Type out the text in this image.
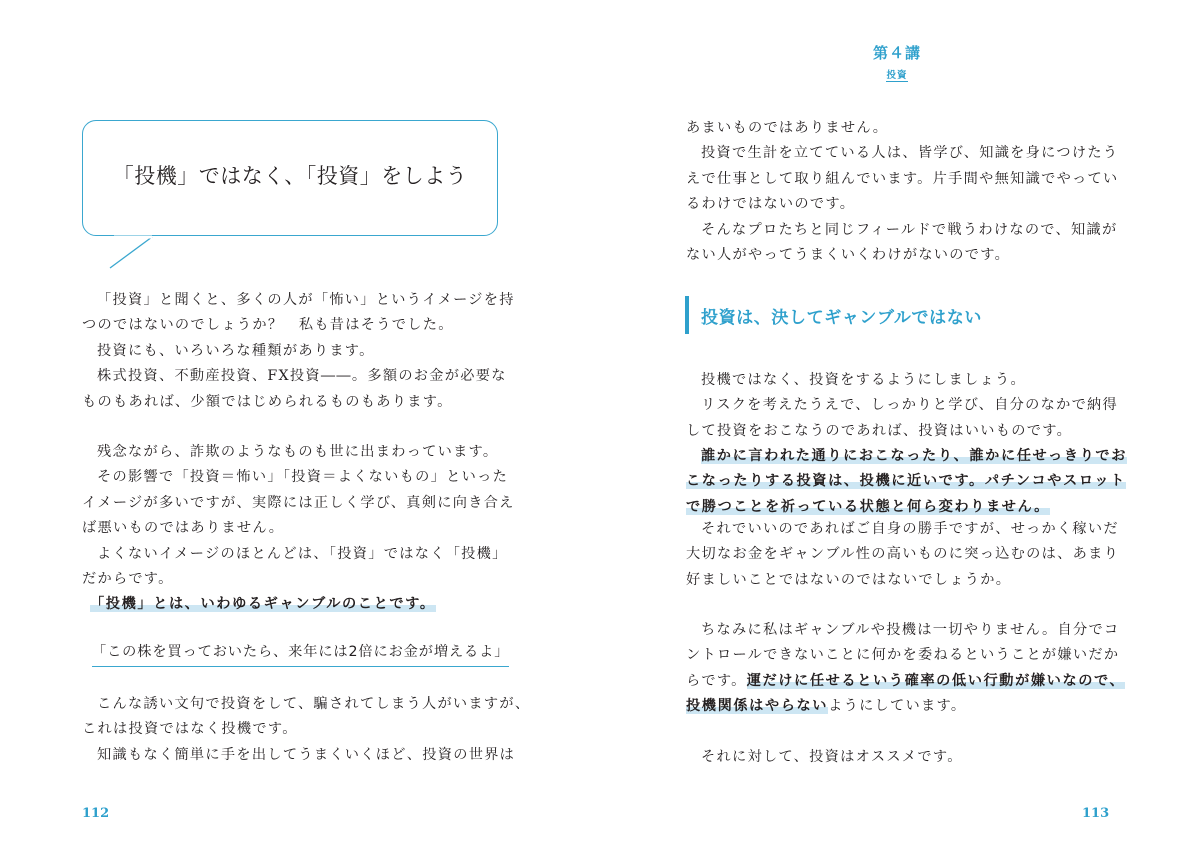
「投機」ではなく、「投資」をしよう

「投資」と聞くと、多くの人が「怖い」というイメージを持

つのではないのでしょうか？　私も昔はそうでした。

投資にも、いろいろな種類があります。

株式投資、不動産投資、FX投資――。多額のお金が必要な

ものもあれば、少額ではじめられるものもあります。

残念ながら、詐欺のようなものも世に出まわっています。

その影響で「投資＝怖い」「投資＝よくないもの」といった

イメージが多いですが、実際には正しく学び、真剣に向き合え

ば悪いものではありません。

よくないイメージのほとんどは、「投資」ではなく「投機」

だからです。

「投機」とは、いわゆるギャンブルのことです。

「この株を買っておいたら、来年には2倍にお金が増えるよ」

こんな誘い文句で投資をして、騙されてしまう人がいますが、

これは投資ではなく投機です。

知識もなく簡単に手を出してうまくいくほど、投資の世界は

112
第４講
投資

あまいものではありません。

投資で生計を立てている人は、皆学び、知識を身につけたう

えで仕事として取り組んでいます。片手間や無知識でやってい

るわけではないのです。

そんなプロたちと同じフィールドで戦うわけなので、知識が

ない人がやってうまくいくわけがないのです。

投資は、決してギャンブルではない

投機ではなく、投資をするようにしましょう。

リスクを考えたうえで、しっかりと学び、自分のなかで納得

して投資をおこなうのであれば、投資はいいものです。

誰かに言われた通りにおこなったり、誰かに任せっきりでお

こなったりする投資は、投機に近いです。パチンコやスロット

で勝つことを祈っている状態と何ら変わりません。

それでいいのであればご自身の勝手ですが、せっかく稼いだ

大切なお金をギャンブル性の高いものに突っ込むのは、あまり

好ましいことではないのではないでしょうか。

ちなみに私はギャンブルや投機は一切やりません。自分でコ

ントロールできないことに何かを委ねるということが嫌いだか

らです。運だけに任せるという確率の低い行動が嫌いなので、

投機関係はやらないようにしています。

それに対して、投資はオススメです。

113
